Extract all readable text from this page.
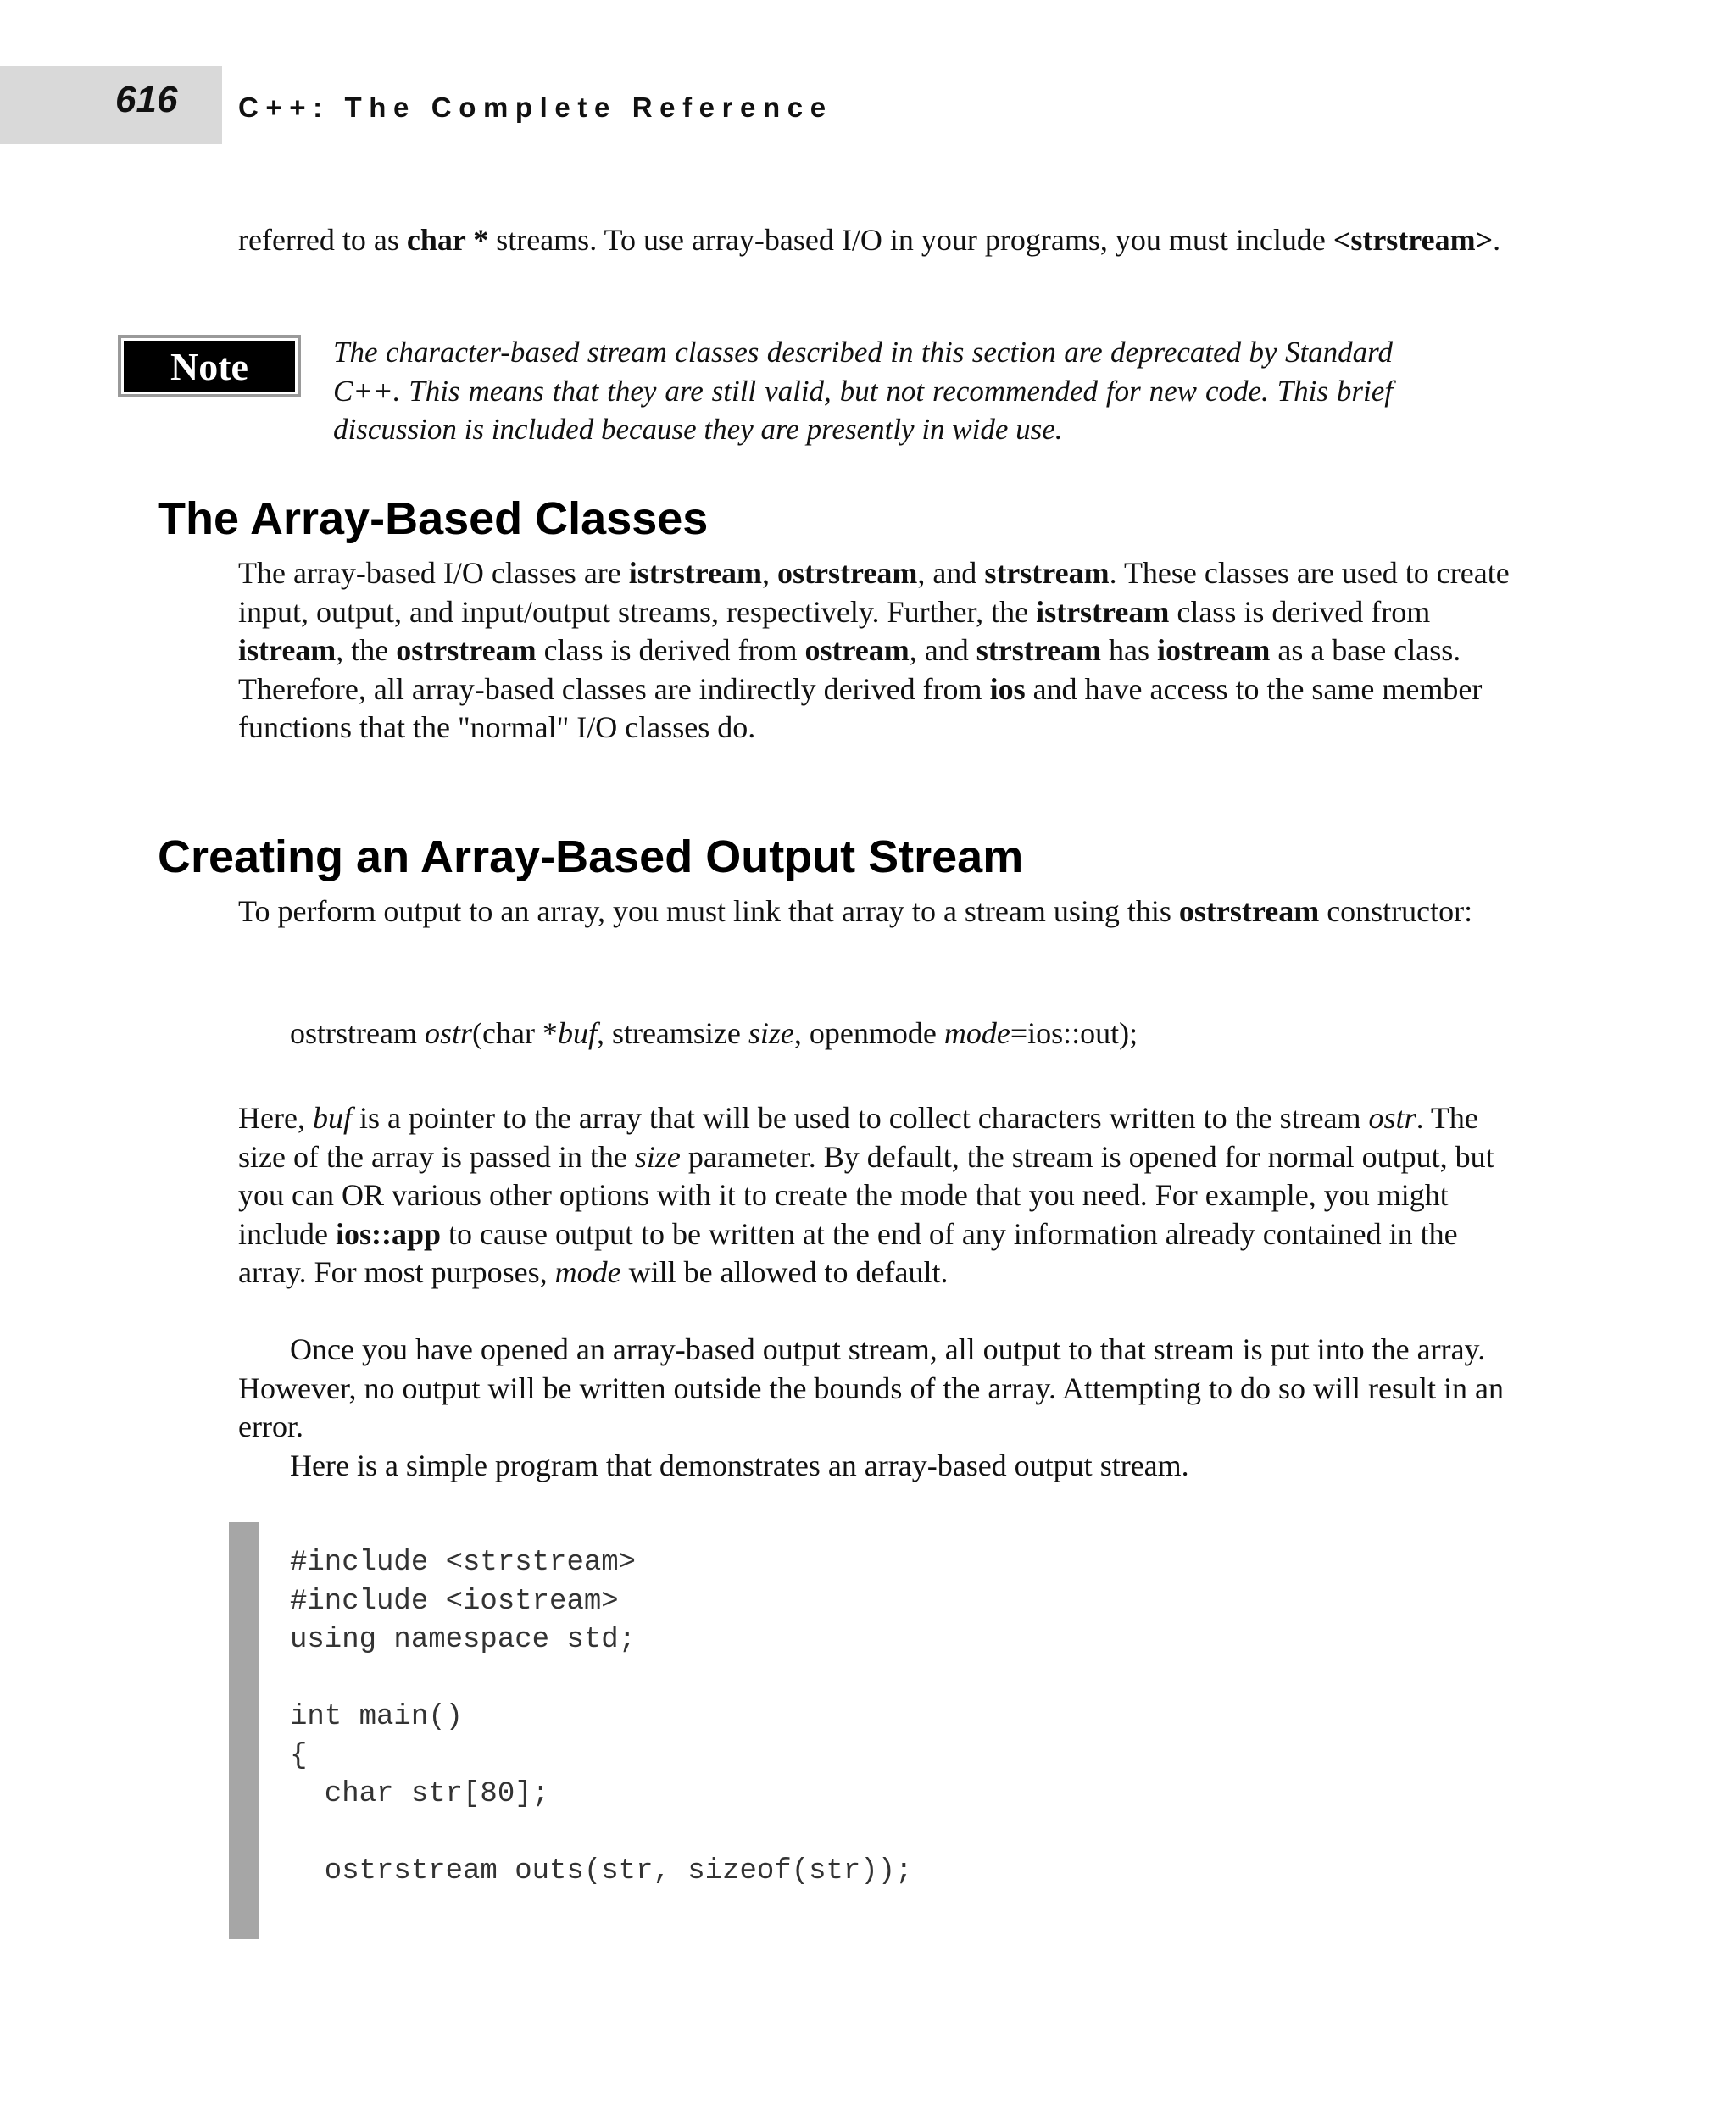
616 C++: The Complete Reference

referred to as char * streams. To use array-based I/O in your programs, you must include <strstream>.

Note	The character-based stream classes described in this section are deprecated by Standard C++. This means that they are still valid, but not recommended for new code. This brief discussion is included because they are presently in wide use.

The Array-Based Classes

The array-based I/O classes are istrstream, ostrstream, and strstream. These classes are used to create input, output, and input/output streams, respectively. Further, the istrstream class is derived from istream, the ostrstream class is derived from ostream, and strstream has iostream as a base class. Therefore, all array-based classes are indirectly derived from ios and have access to the same member functions that the "normal" I/O classes do.

Creating an Array-Based Output Stream

To perform output to an array, you must link that array to a stream using this ostrstream constructor:

ostrstream ostr(char *buf, streamsize size, openmode mode=ios::out);

Here, buf is a pointer to the array that will be used to collect characters written to the stream ostr. The size of the array is passed in the size parameter. By default, the stream is opened for normal output, but you can OR various other options with it to create the mode that you need. For example, you might include ios::app to cause output to be written at the end of any information already contained in the array. For most purposes, mode will be allowed to default.

Once you have opened an array-based output stream, all output to that stream is put into the array. However, no output will be written outside the bounds of the array. Attempting to do so will result in an error.

Here is a simple program that demonstrates an array-based output stream.

#include <strstream>
#include <iostream>
using namespace std;
int main()
{
char str[80];
ostrstream outs(str, sizeof(str));
